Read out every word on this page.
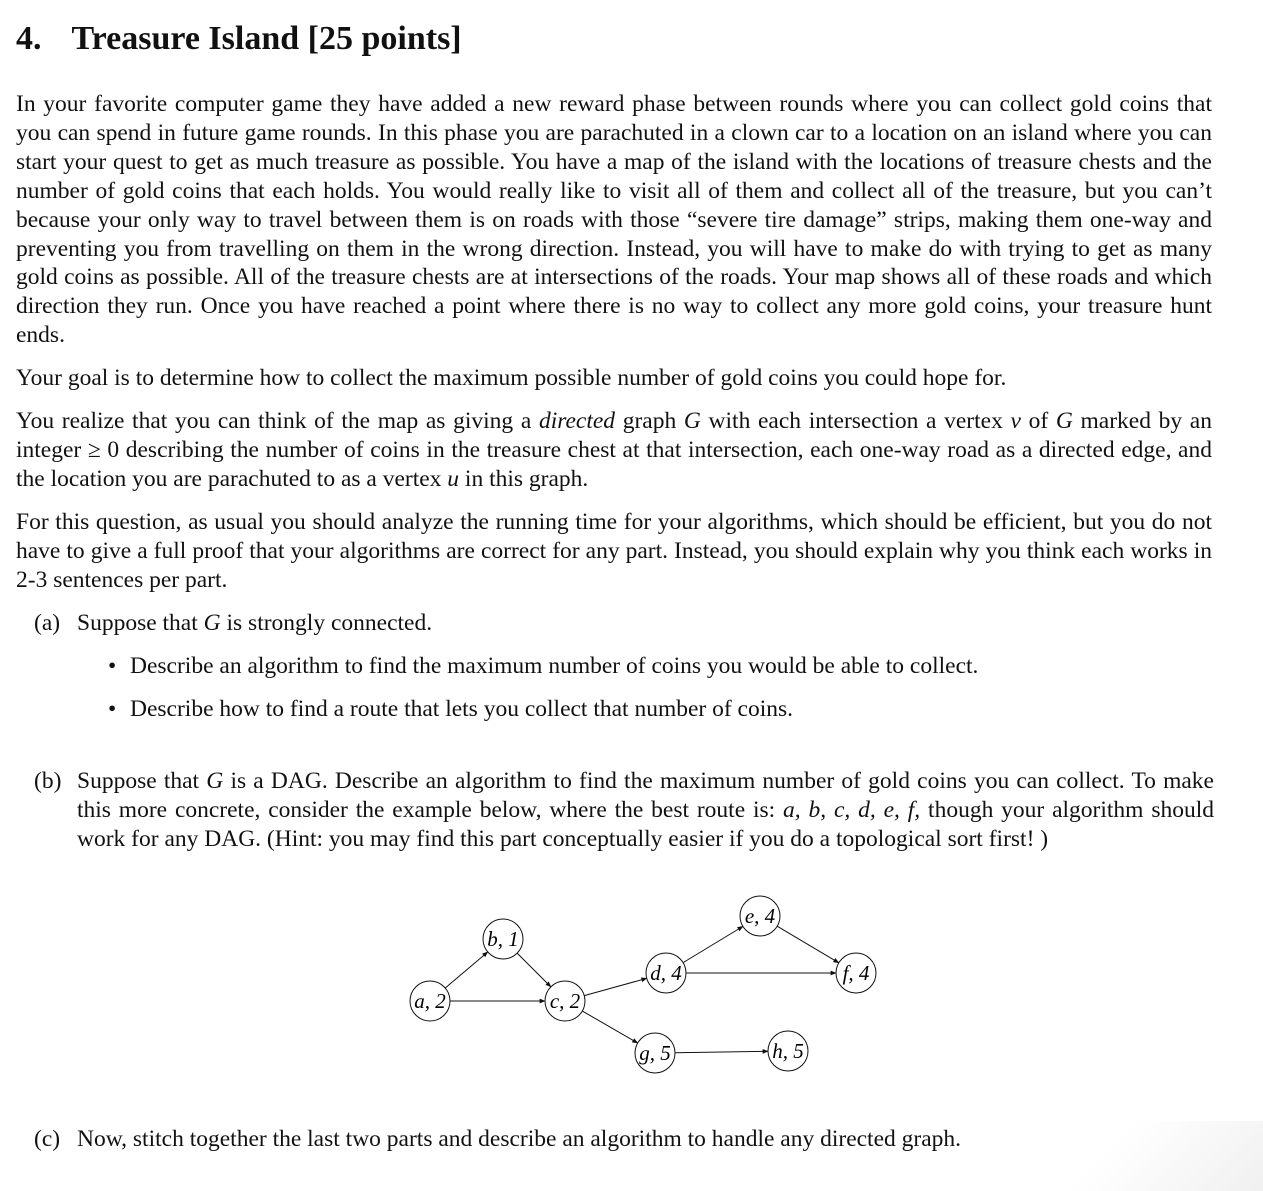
4. Treasure Island [25 points]
In your favorite computer game they have added a new reward phase between rounds where you can collect gold coins that you can spend in future game rounds. In this phase you are parachuted in a clown car to a location on an island where you can start your quest to get as much treasure as possible. You have a map of the island with the locations of treasure chests and the number of gold coins that each holds. You would really like to visit all of them and collect all of the treasure, but you can’t because your only way to travel between them is on roads with those “severe tire damage” strips, making them one-way and preventing you from travelling on them in the wrong direction. Instead, you will have to make do with trying to get as many gold coins as possible. All of the treasure chests are at intersections of the roads. Your map shows all of these roads and which direction they run. Once you have reached a point where there is no way to collect any more gold coins, your treasure hunt ends.
Your goal is to determine how to collect the maximum possible number of gold coins you could hope for.
You realize that you can think of the map as giving a directed graph G with each intersection a vertex v of G marked by an integer ≥ 0 describing the number of coins in the treasure chest at that intersection, each one-way road as a directed edge, and the location you are parachuted to as a vertex u in this graph.
For this question, as usual you should analyze the running time for your algorithms, which should be efficient, but you do not have to give a full proof that your algorithms are correct for any part. Instead, you should explain why you think each works in 2-3 sentences per part.
(a) Suppose that G is strongly connected.
• Describe an algorithm to find the maximum number of coins you would be able to collect.
• Describe how to find a route that lets you collect that number of coins.
(b) Suppose that G is a DAG. Describe an algorithm to find the maximum number of gold coins you can collect. To make this more concrete, consider the example below, where the best route is: a, b, c, d, e, f, though your algorithm should work for any DAG. (Hint: you may find this part conceptually easier if you do a topological sort first! )
(c) Now, stitch together the last two parts and describe an algorithm to handle any directed graph.
a, 2
b, 1
c, 2
d, 4
e, 4
f, 4
g, 5	h, 5
